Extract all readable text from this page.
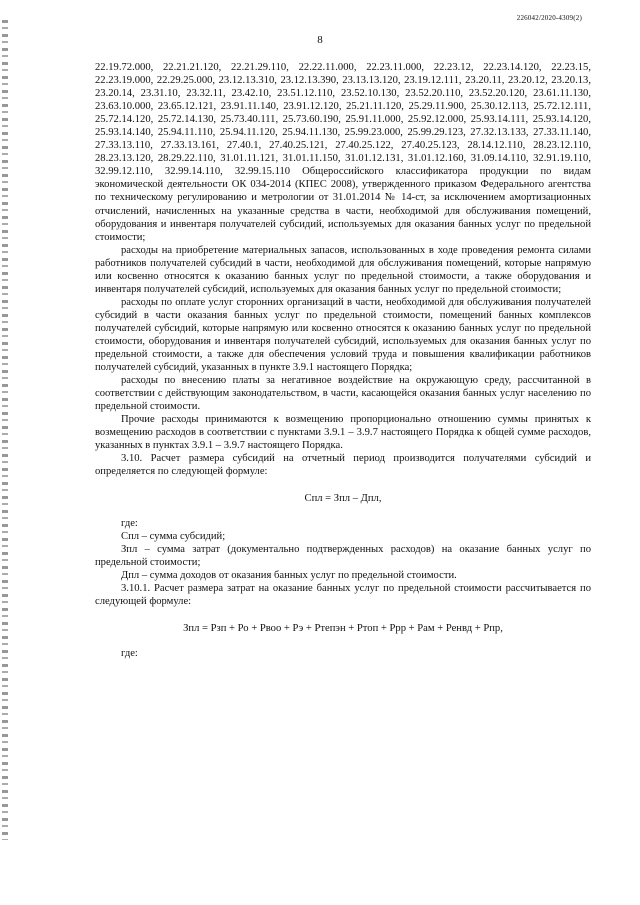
226042/2020-4309(2)
8

22.19.72.000, 22.21.21.120, 22.21.29.110, 22.22.11.000, 22.23.11.000, 22.23.12, 22.23.14.120, 22.23.15, 22.23.19.000, 22.29.25.000, 23.12.13.310, 23.12.13.390, 23.13.13.120, 23.19.12.111, 23.20.11, 23.20.12, 23.20.13, 23.20.14, 23.31.10, 23.32.11, 23.42.10, 23.51.12.110, 23.52.10.130, 23.52.20.110, 23.52.20.120, 23.61.11.130, 23.63.10.000, 23.65.12.121, 23.91.11.140, 23.91.12.120, 25.21.11.120, 25.29.11.900, 25.30.12.113, 25.72.12.111, 25.72.14.120, 25.72.14.130, 25.73.40.111, 25.73.60.190, 25.91.11.000, 25.92.12.000, 25.93.14.111, 25.93.14.120, 25.93.14.140, 25.94.11.110, 25.94.11.120, 25.94.11.130, 25.99.23.000, 25.99.29.123, 27.32.13.133, 27.33.11.140, 27.33.13.110, 27.33.13.161, 27.40.1, 27.40.25.121, 27.40.25.122, 27.40.25.123, 28.14.12.110, 28.23.12.110, 28.23.13.120, 28.29.22.110, 31.01.11.121, 31.01.11.150, 31.01.12.131, 31.01.12.160, 31.09.14.110, 32.91.19.110, 32.99.12.110, 32.99.14.110, 32.99.15.110 Общероссийского классификатора продукции по видам экономической деятельности ОК 034-2014 (КПЕС 2008), утвержденного приказом Федерального агентства по техническому регулированию и метрологии от 31.01.2014 № 14-ст, за исключением амортизационных отчислений, начисленных на указанные средства в части, необходимой для обслуживания помещений, оборудования и инвентаря получателей субсидий, используемых для оказания банных услуг по предельной стоимости;

расходы на приобретение материальных запасов, использованных в ходе проведения ремонта силами работников получателей субсидий в части, необходимой для обслуживания помещений, которые напрямую или косвенно относятся к оказанию банных услуг по предельной стоимости, а также оборудования и инвентаря получателей субсидий, используемых для оказания банных услуг по предельной стоимости;

расходы по оплате услуг сторонних организаций в части, необходимой для обслуживания получателей субсидий в части оказания банных услуг по предельной стоимости, помещений банных комплексов получателей субсидий, которые напрямую или косвенно относятся к оказанию банных услуг по предельной стоимости, оборудования и инвентаря получателей субсидий, используемых для оказания банных услуг по предельной стоимости, а также для обеспечения условий труда и повышения квалификации работников получателей субсидий, указанных в пункте 3.9.1 настоящего Порядка;

расходы по внесению платы за негативное воздействие на окружающую среду, рассчитанной в соответствии с действующим законодательством, в части, касающейся оказания банных услуг населению по предельной стоимости.

Прочие расходы принимаются к возмещению пропорционально отношению суммы принятых к возмещению расходов в соответствии с пунктами 3.9.1 – 3.9.7 настоящего Порядка к общей сумме расходов, указанных в пунктах 3.9.1 – 3.9.7 настоящего Порядка.

3.10. Расчет размера субсидий на отчетный период производится получателями субсидий и определяется по следующей формуле:

Спл = Зпл – Дпл,

где:

Спл – сумма субсидий;

Зпл – сумма затрат (документально подтвержденных расходов) на оказание банных услуг по предельной стоимости;

Дпл – сумма доходов от оказания банных услуг по предельной стоимости.

3.10.1. Расчет размера затрат на оказание банных услуг по предельной стоимости рассчитывается по следующей формуле:

Зпл = Рзп + Ро + Рвоо + Рэ + Ртепэн + Ртоп + Ррр + Рам + Ренвд + Рпр,

где:
